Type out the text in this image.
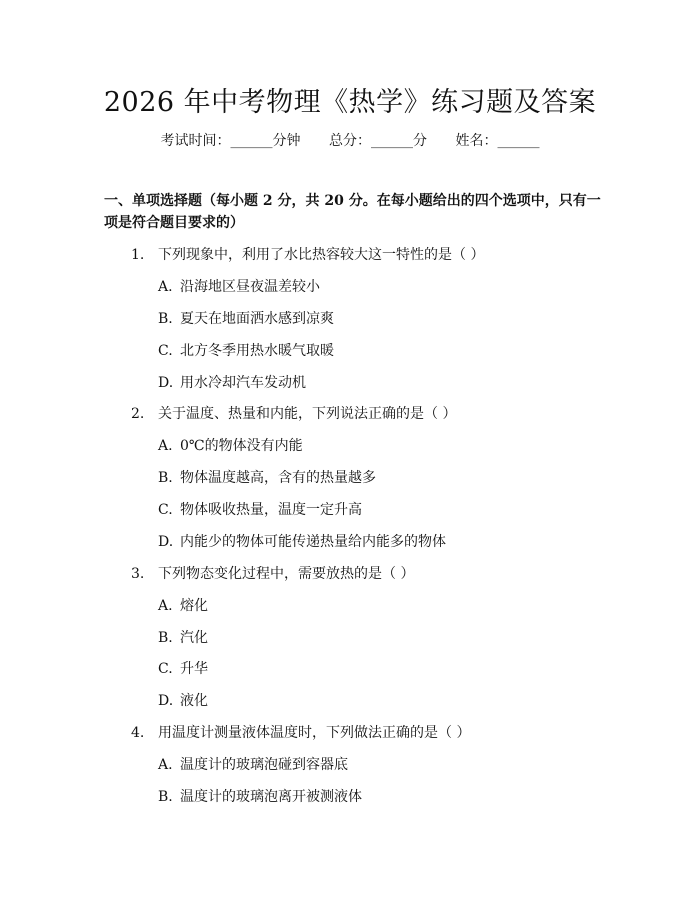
2026 年中考物理《热学》练习题及答案
考试时间：______分钟 总分：______分 姓名：______
一、单项选择题（每小题 2 分，共 20 分。在每小题给出的四个选项中，只有一项是符合题目要求的）
1. 下列现象中，利用了水比热容较大这一特性的是（ ）
A. 沿海地区昼夜温差较小
B. 夏天在地面洒水感到凉爽
C. 北方冬季用热水暖气取暖
D. 用水冷却汽车发动机
2. 关于温度、热量和内能，下列说法正确的是（ ）
A. 0℃的物体没有内能
B. 物体温度越高，含有的热量越多
C. 物体吸收热量，温度一定升高
D. 内能少的物体可能传递热量给内能多的物体
3. 下列物态变化过程中，需要放热的是（ ）
A. 熔化
B. 汽化
C. 升华
D. 液化
4. 用温度计测量液体温度时，下列做法正确的是（ ）
A. 温度计的玻璃泡碰到容器底
B. 温度计的玻璃泡离开被测液体
